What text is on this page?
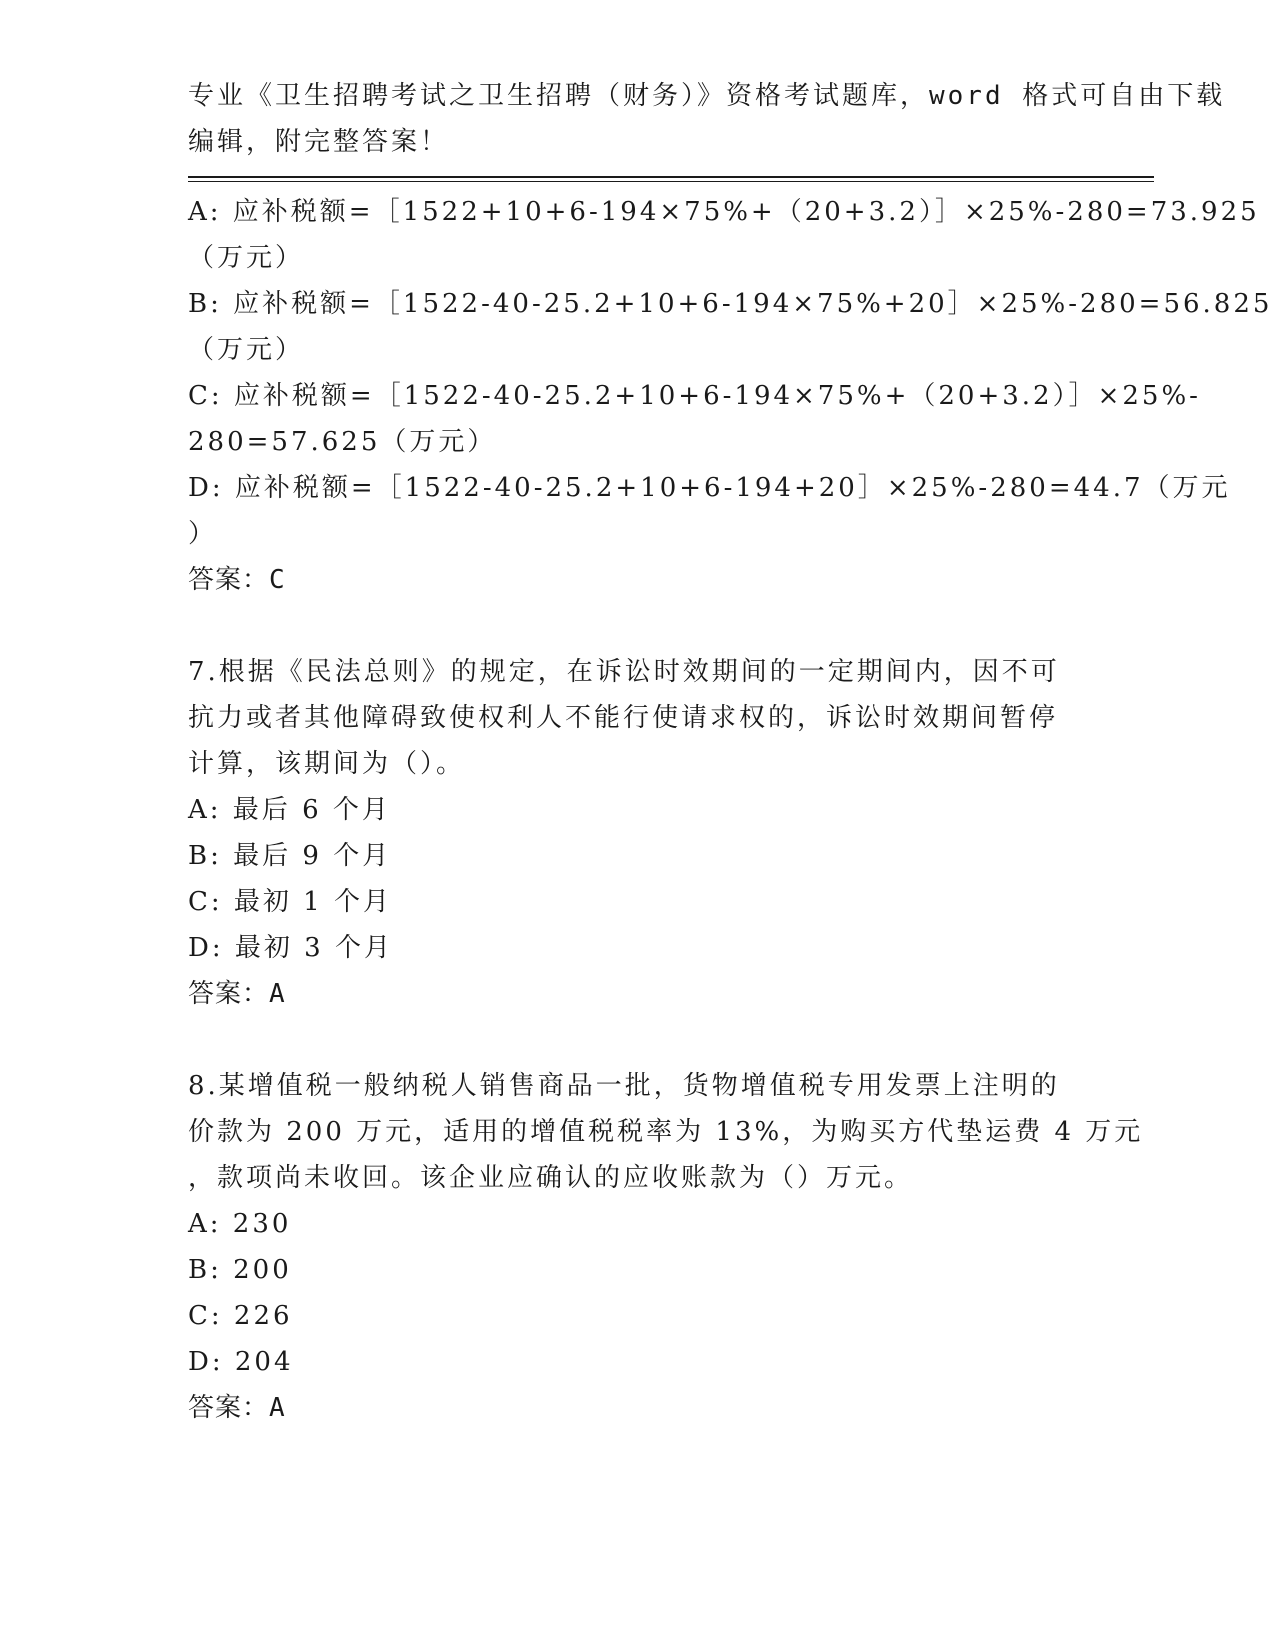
专业《卫生招聘考试之卫生招聘（财务）》资格考试题库，word 格式可自由下载
编辑，附完整答案！
A: 应补税额=［1522+10+6-194×75%+（20+3.2）］×25%-280=73.925
（万元）
B: 应补税额=［1522-40-25.2+10+6-194×75%+20］×25%-280=56.825
（万元）
C: 应补税额=［1522-40-25.2+10+6-194×75%+（20+3.2）］×25%-
280=57.625（万元）
D: 应补税额=［1522-40-25.2+10+6-194+20］×25%-280=44.7（万元
）
答案：C
7.根据《民法总则》的规定，在诉讼时效期间的一定期间内，因不可
抗力或者其他障碍致使权利人不能行使请求权的，诉讼时效期间暂停
计算，该期间为（）。
A: 最后 6 个月
B: 最后 9 个月
C: 最初 1 个月
D: 最初 3 个月
答案：A
8.某增值税一般纳税人销售商品一批，货物增值税专用发票上注明的
价款为 200 万元，适用的增值税税率为 13%，为购买方代垫运费 4 万元
，款项尚未收回。该企业应确认的应收账款为（）万元。
A: 230
B: 200
C: 226
D: 204
答案：A
